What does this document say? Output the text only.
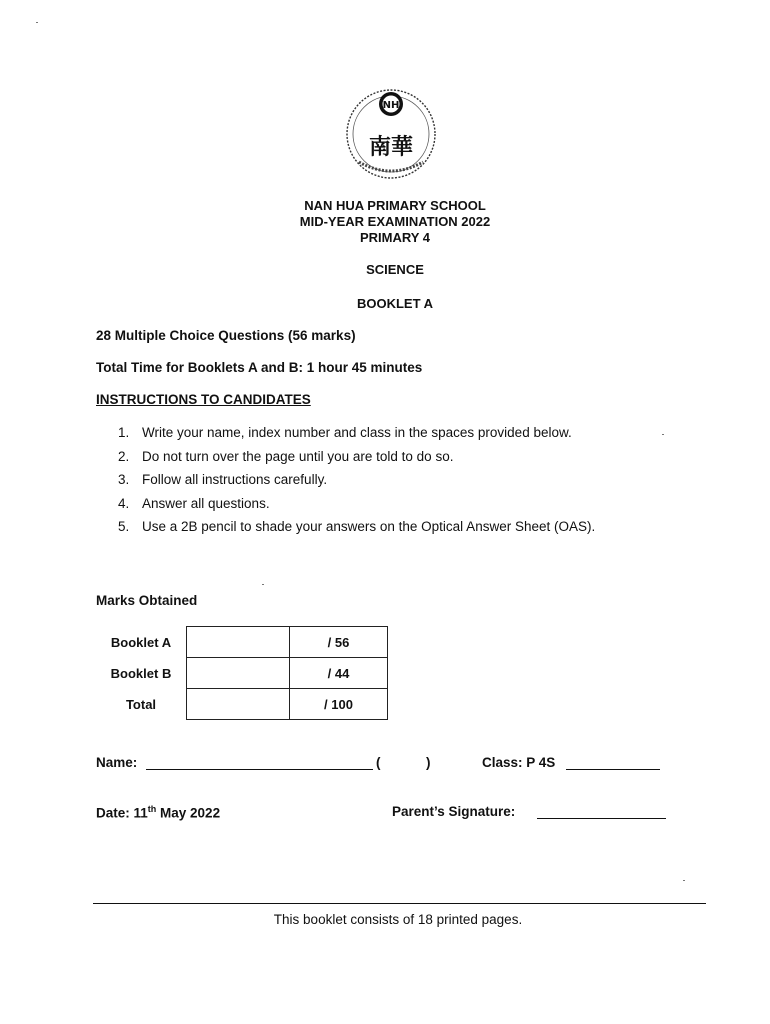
NH
南華
NAN HUA PRIMARY SCHOOL
MID-YEAR EXAMINATION 2022
PRIMARY 4
SCIENCE
BOOKLET A
28 Multiple Choice Questions (56 marks)
Total Time for Booklets A and B: 1 hour 45 minutes
INSTRUCTIONS TO CANDIDATES
1. Write your name, index number and class in the spaces provided below.
2. Do not turn over the page until you are told to do so.
3. Follow all instructions carefully.
4. Answer all questions.
5. Use a 2B pencil to shade your answers on the Optical Answer Sheet (OAS).
Marks Obtained
Booklet A		/ 56
Booklet B		/ 44
Total		/ 100
Name:	(	)	Class: P 4S
Date: 11th May 2022	Parent’s Signature:
This booklet consists of 18 printed pages.
